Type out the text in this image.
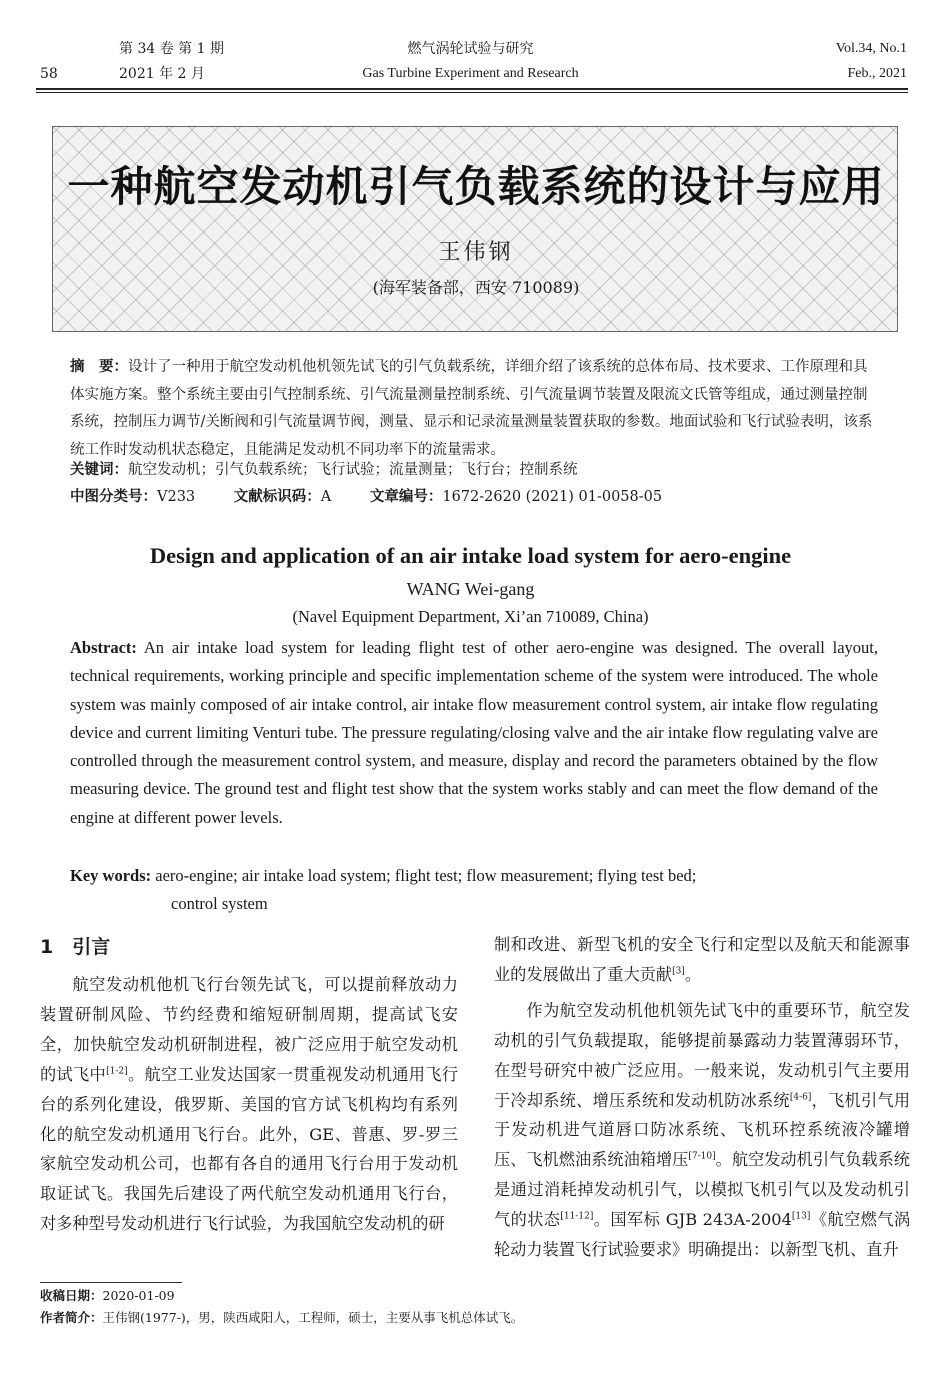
第 34 卷 第 1 期
58	2021 年 2 月
燃气涡轮试验与研究
Gas Turbine Experiment and Research
Vol.34, No.1
Feb., 2021
一种航空发动机引气负载系统的设计与应用
王伟钢
(海军装备部，西安 710089)
摘　要：设计了一种用于航空发动机他机领先试飞的引气负载系统，详细介绍了该系统的总体布局、技术要求、工作原理和具体实施方案。整个系统主要由引气控制系统、引气流量测量控制系统、引气流量调节装置及限流文氏管等组成，通过测量控制系统，控制压力调节/关断阀和引气流量调节阀，测量、显示和记录流量测量装置获取的参数。地面试验和飞行试验表明，该系统工作时发动机状态稳定，且能满足发动机不同功率下的流量需求。
关键词：航空发动机；引气负载系统；飞行试验；流量测量；飞行台；控制系统
中图分类号：V233	文献标识码：A	文章编号：1672-2620 (2021) 01-0058-05
Design and application of an air intake load system for aero-engine
WANG Wei-gang
(Navel Equipment Department, Xi’an 710089, China)
Abstract: An air intake load system for leading flight test of other aero-engine was designed. The overall layout, technical requirements, working principle and specific implementation scheme of the system were introduced. The whole system was mainly composed of air intake control, air intake flow measurement control system, air intake flow regulating device and current limiting Venturi tube. The pressure regulating/closing valve and the air intake flow regulating valve are controlled through the measurement control system, and measure, display and record the parameters obtained by the flow measuring device. The ground test and flight test show that the system works stably and can meet the flow demand of the engine at different power levels.
Key words: aero-engine; air intake load system; flight test; flow measurement; flying test bed;
control system
1　引言

航空发动机他机飞行台领先试飞，可以提前释放动力装置研制风险、节约经费和缩短研制周期，提高试飞安全，加快航空发动机研制进程，被广泛应用于航空发动机的试飞中[1-2]。航空工业发达国家一贯重视发动机通用飞行台的系列化建设，俄罗斯、美国的官方试飞机构均有系列化的航空发动机通用飞行台。此外，GE、普惠、罗-罗三家航空发动机公司，也都有各自的通用飞行台用于发动机取证试飞。我国先后建设了两代航空发动机通用飞行台，对多种型号发动机进行飞行试验，为我国航空发动机的研

制和改进、新型飞机的安全飞行和定型以及航天和能源事业的发展做出了重大贡献[3]。

作为航空发动机他机领先试飞中的重要环节，航空发动机的引气负载提取，能够提前暴露动力装置薄弱环节，在型号研究中被广泛应用。一般来说，发动机引气主要用于冷却系统、增压系统和发动机防冰系统[4-6]，飞机引气用于发动机进气道唇口防冰系统、飞机环控系统液冷罐增压、飞机燃油系统油箱增压[7-10]。航空发动机引气负载系统是通过消耗掉发动机引气，以模拟飞机引气以及发动机引气的状态[11-12]。国军标 GJB 243A-2004[13]《航空燃气涡轮动力装置飞行试验要求》明确提出：以新型飞机、直升

收稿日期：2020-01-09
作者简介：王伟钢(1977-)，男，陕西咸阳人，工程师，硕士，主要从事飞机总体试飞。
